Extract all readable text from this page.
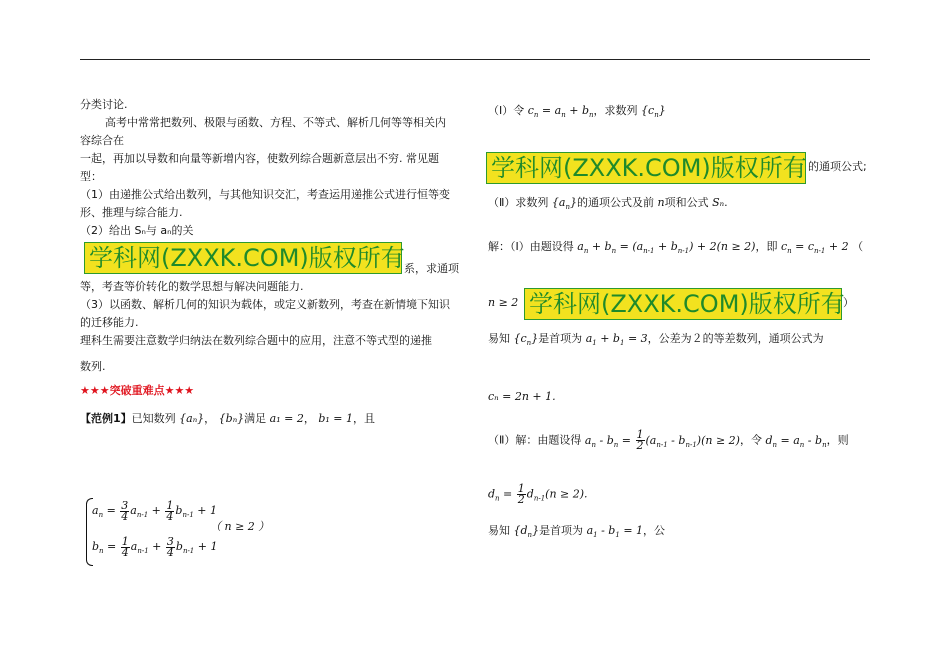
分类讨论.
高考中常常把数列、极限与函数、方程、不等式、解析几何等等相关内
容综合在
一起，再加以导数和向量等新增内容，使数列综合题新意层出不穷. 常见题
型：
（1）由递推公式给出数列，与其他知识交汇，考查运用递推公式进行恒等变
形、推理与综合能力.
（2）给出 Sₙ与 aₙ的关
学科网(ZXXK.COM)版权所有 系，求通项
等，考查等价转化的数学思想与解决问题能力.
（3）以函数、解析几何的知识为载体，或定义新数列，考查在新情境下知识
的迁移能力.
理科生需要注意数学归纳法在数列综合题中的应用，注意不等式型的递推
数列.
★★★突破重难点★★★
【范例1】已知数列 {aₙ}， {bₙ}满足 a₁ = 2， b₁ = 1，且
$a_n = \frac{3}{4} a_{n-1} + \frac{1}{4} b_{n-1} + 1$
$b_n = \frac{1}{4} a_{n-1} + \frac{3}{4} b_{n-1} + 1$
（ n ≥ 2 ）
（Ⅰ）令 $c_n = a_n + b_n$，求数列 $\{c_n\}$
学科网(ZXXK.COM)版权所有 的通项公式;
（Ⅱ）求数列 $\{a_n\}$的通项公式及前 n项和公式 Sₙ.
解：（Ⅰ）由题设得 $a_n + b_n = (a_{n-1} + b_{n-1}) + 2(n \ge 2)$，即 $c_n = c_{n-1} + 2$ （
n ≥ 2 学科网(ZXXK.COM)版权所有
）
易知 $\{c_n\}$是首项为 $a_1 + b_1 = 3$，公差为２的等差数列，通项公式为
cₙ = 2n + 1.
（Ⅱ）解：由题设得 $a_n - b_n = \frac{1}{2} (a_{n-1} - b_{n-1})(n \ge 2)$，令 $d_n = a_n - b_n$，则
$d_n = \frac{1}{2} d_{n-1}(n \ge 2)$.
易知 $\{d_n\}$是首项为 $a_1 - b_1 = 1$，公
